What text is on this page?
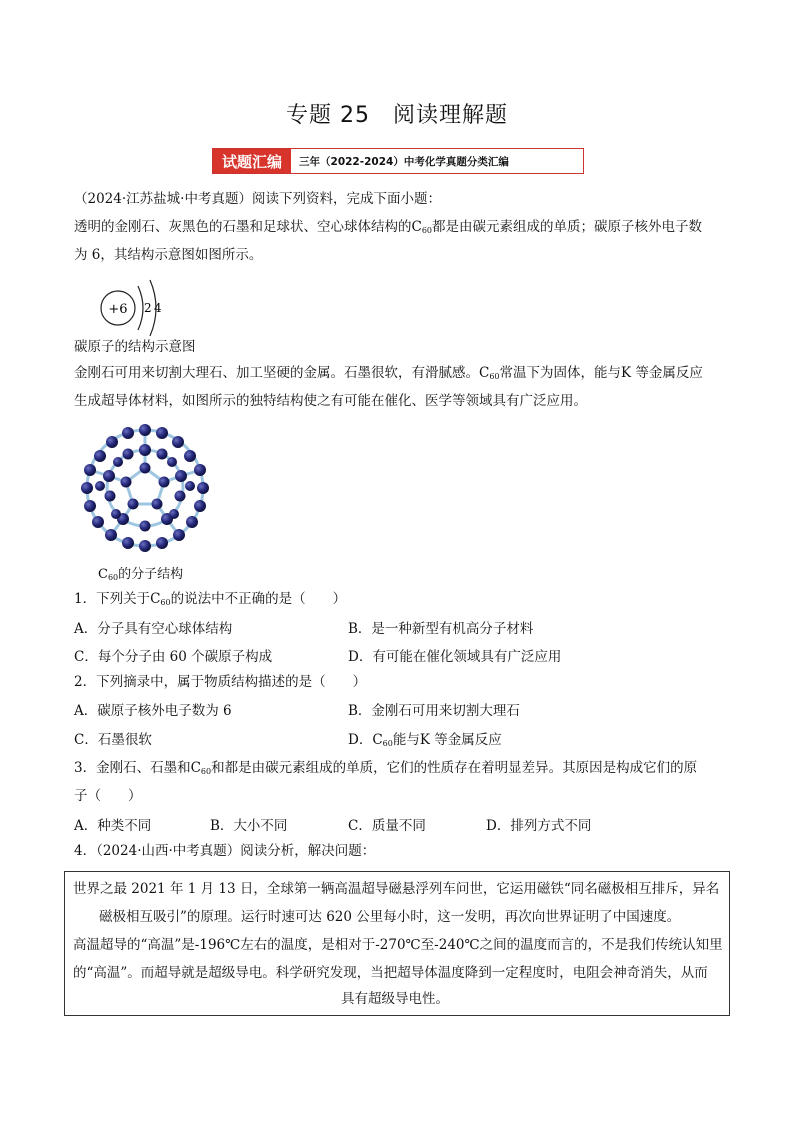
专题 25　阅读理解题
试题汇编	三年（2022-2024）中考化学真题分类汇编
（2024·江苏盐城·中考真题）阅读下列资料，完成下面小题：
透明的金刚石、灰黑色的石墨和足球状、空心球体结构的$C_{60}$都是由碳元素组成的单质；碳原子核外电子数
为 6，其结构示意图如图所示。
+6 2 4
碳原子的结构示意图
金刚石可用来切割大理石、加工坚硬的金属。石墨很软，有滑腻感。$C_{60}$常温下为固体，能与K 等金属反应
生成超导体材料，如图所示的独特结构使之有可能在催化、医学等领域具有广泛应用。
$C_{60}$的分子结构
1．下列关于$C_{60}$的说法中不正确的是（　　）
A．分子具有空心球体结构	B．是一种新型有机高分子材料
C．每个分子由 60 个碳原子构成	D．有可能在催化领域具有广泛应用
2．下列摘录中，属于物质结构描述的是（　　）
A．碳原子核外电子数为 6	B．金刚石可用来切割大理石
C．石墨很软	D．$C_{60}$能与K 等金属反应
3．金刚石、石墨和$C_{60}$和都是由碳元素组成的单质，它们的性质存在着明显差异。其原因是构成它们的原
子（　　）
A．种类不同	B．大小不同	C．质量不同	D．排列方式不同
4．（2024·山西·中考真题）阅读分析，解决问题：
世界之最 2021 年 1 月 13 日，全球第一辆高温超导磁悬浮列车问世，它运用磁铁“同名磁极相互排斥，异名
磁极相互吸引”的原理。运行时速可达 620 公里每小时，这一发明，再次向世界证明了中国速度。
高温超导的“高温”是-196℃左右的温度，是相对于-270℃至-240℃之间的温度而言的，不是我们传统认知里
的“高温”。而超导就是超级导电。科学研究发现，当把超导体温度降到一定程度时，电阻会神奇消失，从而
具有超级导电性。
